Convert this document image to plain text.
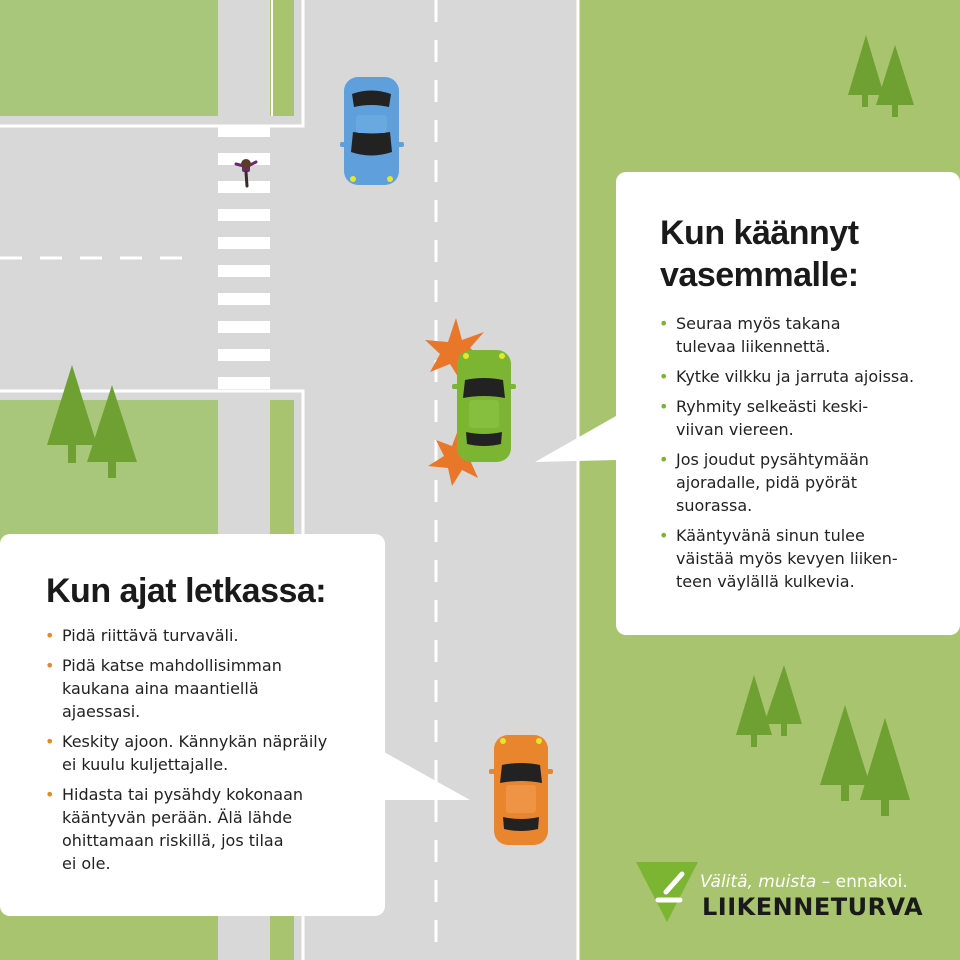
Kun käännyt
vasemmalle:
• Seuraa myös takana
tulevaa liikennettä.
• Kytke vilkku ja jarruta ajoissa.
• Ryhmity selkeästi keski-
viivan viereen.
• Jos joudut pysähtymään
ajoradalle, pidä pyörät
suorassa.
• Kääntyvänä sinun tulee
väistää myös kevyen liiken-
teen väylällä kulkevia.
Kun ajat letkassa:
• Pidä riittävä turvaväli.
• Pidä katse mahdollisimman
kaukana aina maantiellä
ajaessasi.
• Keskity ajoon. Kännykän näpräily
ei kuulu kuljettajalle.
• Hidasta tai pysähdy kokonaan
kääntyvän perään. Älä lähde
ohittamaan riskillä, jos tilaa
ei ole.
Välitä, muista – ennakoi.
LIIKENNETURVA
